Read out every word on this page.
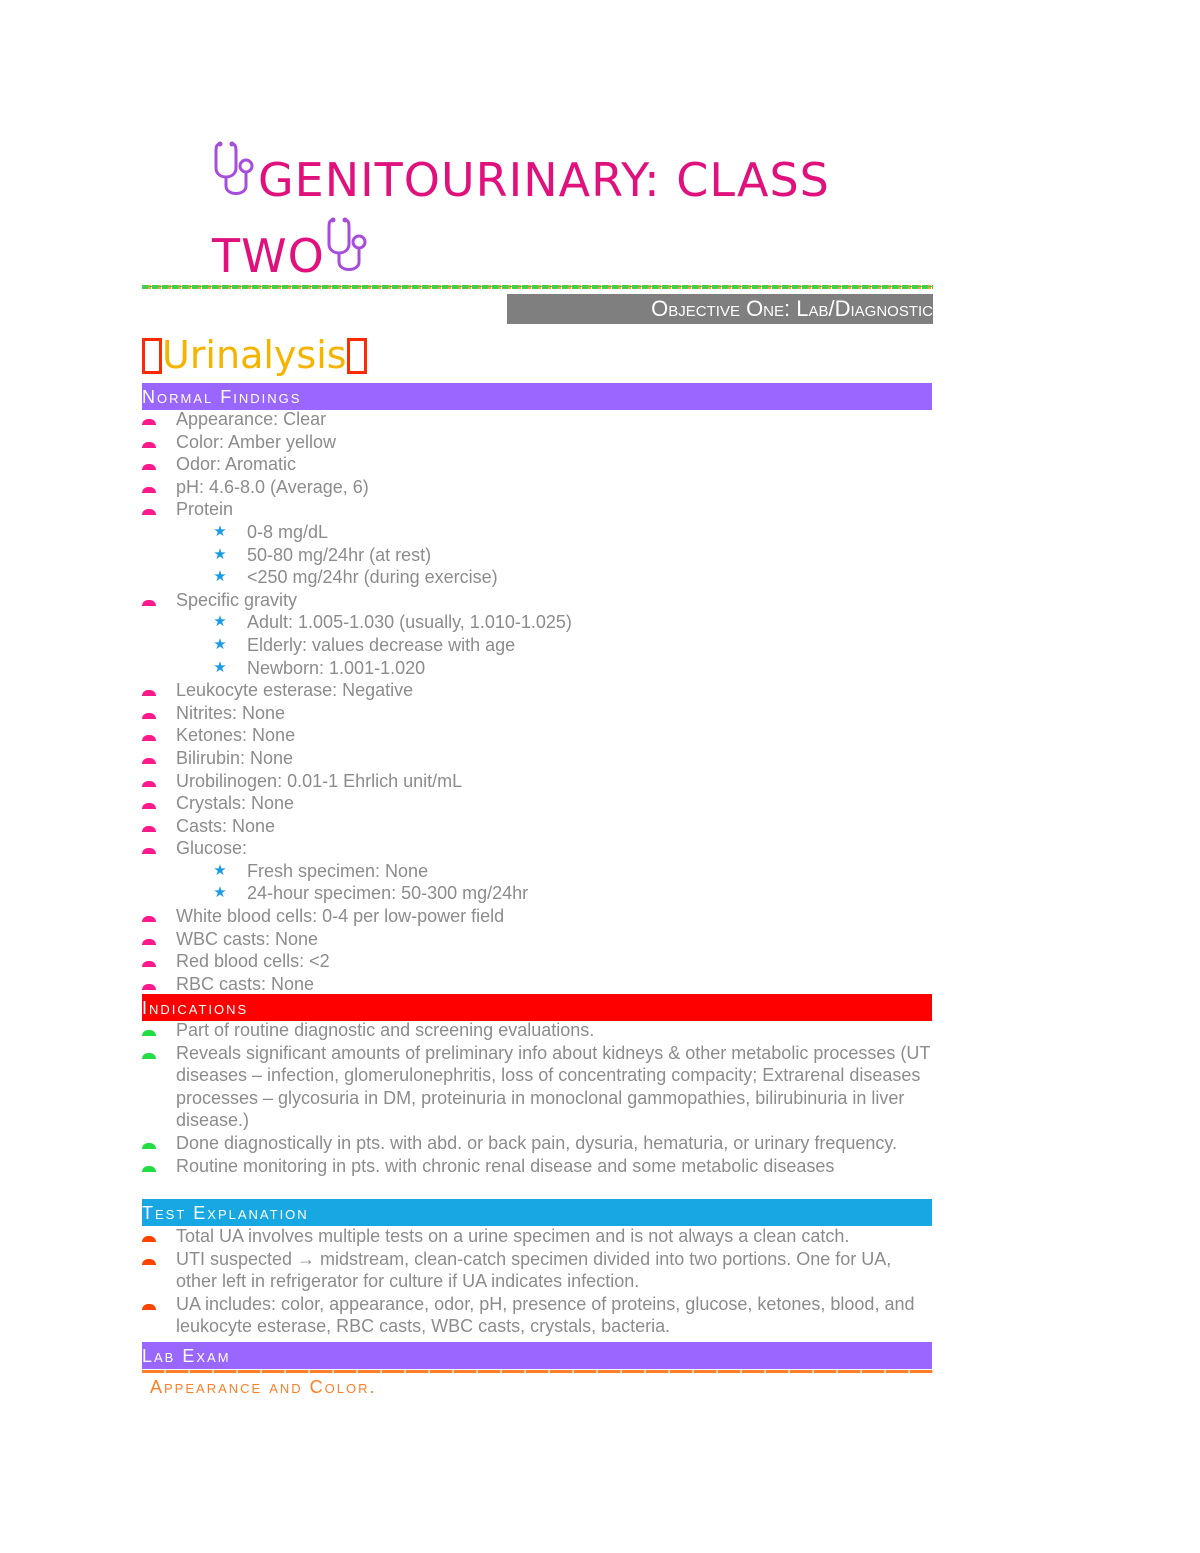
GENITOURINARY: CLASS
TWO
Objective One: Lab/Diagnostic
Urinalysis
Normal Findings
Appearance: Clear
Color: Amber yellow
Odor: Aromatic
pH: 4.6-8.0 (Average, 6)
Protein
★ 0-8 mg/dL
★ 50-80 mg/24hr (at rest)
★ <250 mg/24hr (during exercise)
Specific gravity
★ Adult: 1.005-1.030 (usually, 1.010-1.025)
★ Elderly: values decrease with age
★ Newborn: 1.001-1.020
Leukocyte esterase: Negative
Nitrites: None
Ketones: None
Bilirubin: None
Urobilinogen: 0.01-1 Ehrlich unit/mL
Crystals: None
Casts: None
Glucose:
★ Fresh specimen: None
★ 24-hour specimen: 50-300 mg/24hr
White blood cells: 0-4 per low-power field
WBC casts: None
Red blood cells: <2
RBC casts: None
Indications
Part of routine diagnostic and screening evaluations.
Reveals significant amounts of preliminary info about kidneys & other metabolic processes (UT diseases – infection, glomerulonephritis, loss of concentrating compacity; Extrarenal diseases processes – glycosuria in DM, proteinuria in monoclonal gammopathies, bilirubinuria in liver disease.)
Done diagnostically in pts. with abd. or back pain, dysuria, hematuria, or urinary frequency.
Routine monitoring in pts. with chronic renal disease and some metabolic diseases
Test Explanation
Total UA involves multiple tests on a urine specimen and is not always a clean catch.
UTI suspected → midstream, clean-catch specimen divided into two portions. One for UA, other left in refrigerator for culture if UA indicates infection.
UA includes: color, appearance, odor, pH, presence of proteins, glucose, ketones, blood, and leukocyte esterase, RBC casts, WBC casts, crystals, bacteria.
Lab Exam
Appearance and Color.
